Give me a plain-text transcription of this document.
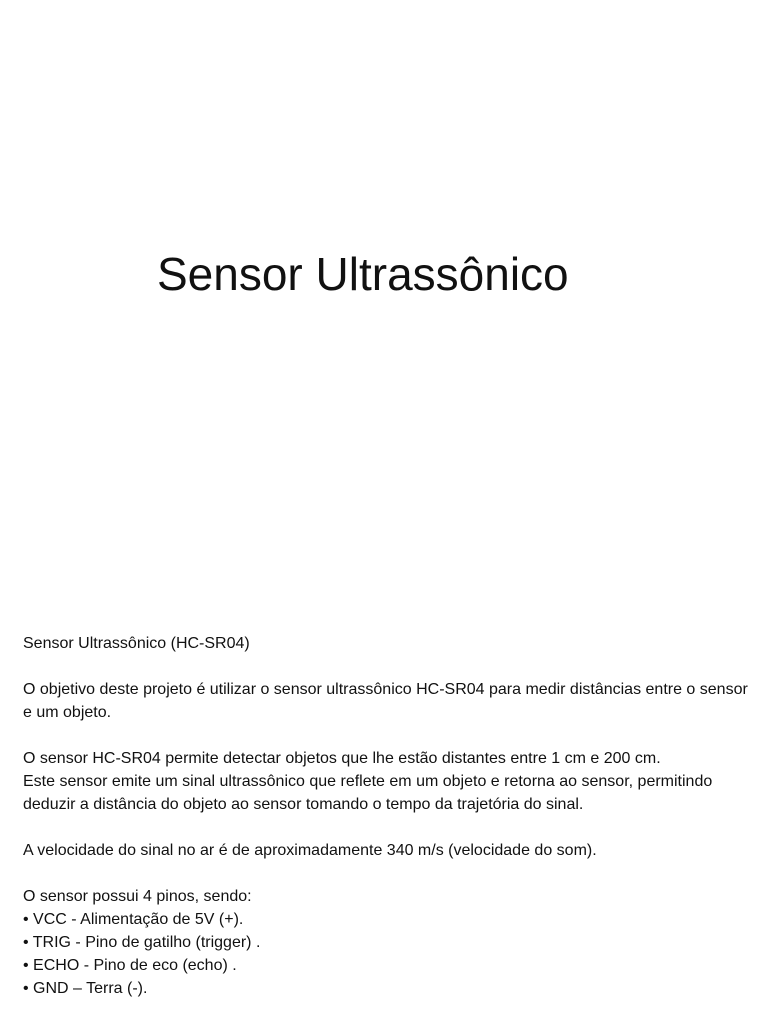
Sensor Ultrassônico

Sensor Ultrassônico (HC-SR04)

O objetivo deste projeto é utilizar o sensor ultrassônico HC-SR04 para medir distâncias entre o sensor e um objeto.

O sensor HC-SR04 permite detectar objetos que lhe estão distantes entre 1 cm e 200 cm.

Este sensor emite um sinal ultrassônico que reflete em um objeto e retorna ao sensor, permitindo deduzir a distância do objeto ao sensor tomando o tempo da trajetória do sinal.

A velocidade do sinal no ar é de aproximadamente 340 m/s (velocidade do som).

O sensor possui 4 pinos, sendo:

• VCC - Alimentação de 5V (+).
• TRIG - Pino de gatilho (trigger) .
• ECHO - Pino de eco (echo) .
• GND – Terra (-).
